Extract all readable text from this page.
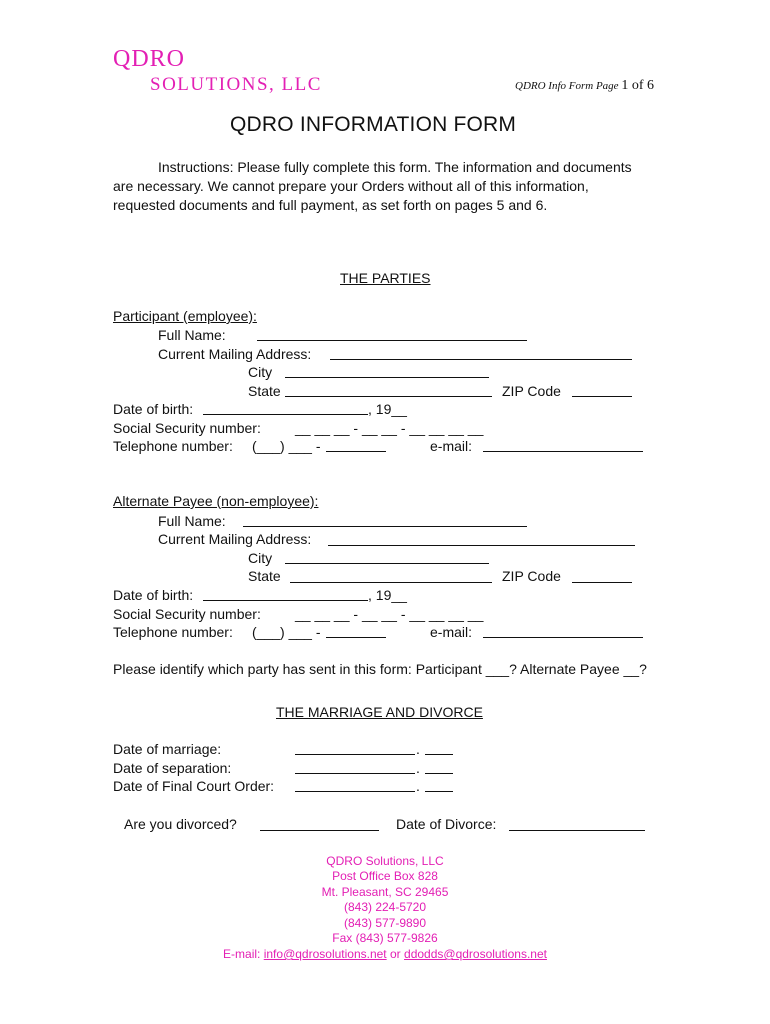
QDRO
SOLUTIONS, LLC	QDRO Info Form Page 1 of 6
QDRO INFORMATION FORM
Instructions: Please fully complete this form. The information and documents are necessary. We cannot prepare your Orders without all of this information, requested documents and full payment, as set forth on pages 5 and 6.
THE PARTIES
Participant (employee):
Full Name:
Current Mailing Address:
City
State	ZIP Code
Date of birth:	, 19__
Social Security number: __ __ __ - __ __ - __ __ __ __
Telephone number: (___) ___ -	e-mail:
Alternate Payee (non-employee):
Full Name:
Current Mailing Address:
City
State	ZIP Code
Date of birth:	, 19__
Social Security number: __ __ __ - __ __ - __ __ __ __
Telephone number: (___) ___ -	e-mail:
Please identify which party has sent in this form: Participant ___? Alternate Payee __?
THE MARRIAGE AND DIVORCE
Date of marriage:	.
Date of separation:	.
Date of Final Court Order:	.
Are you divorced?	Date of Divorce:
QDRO Solutions, LLC
Post Office Box 828
Mt. Pleasant, SC 29465
(843) 224-5720
(843) 577-9890
Fax (843) 577-9826
E-mail: info@qdrosolutions.net or ddodds@qdrosolutions.net
